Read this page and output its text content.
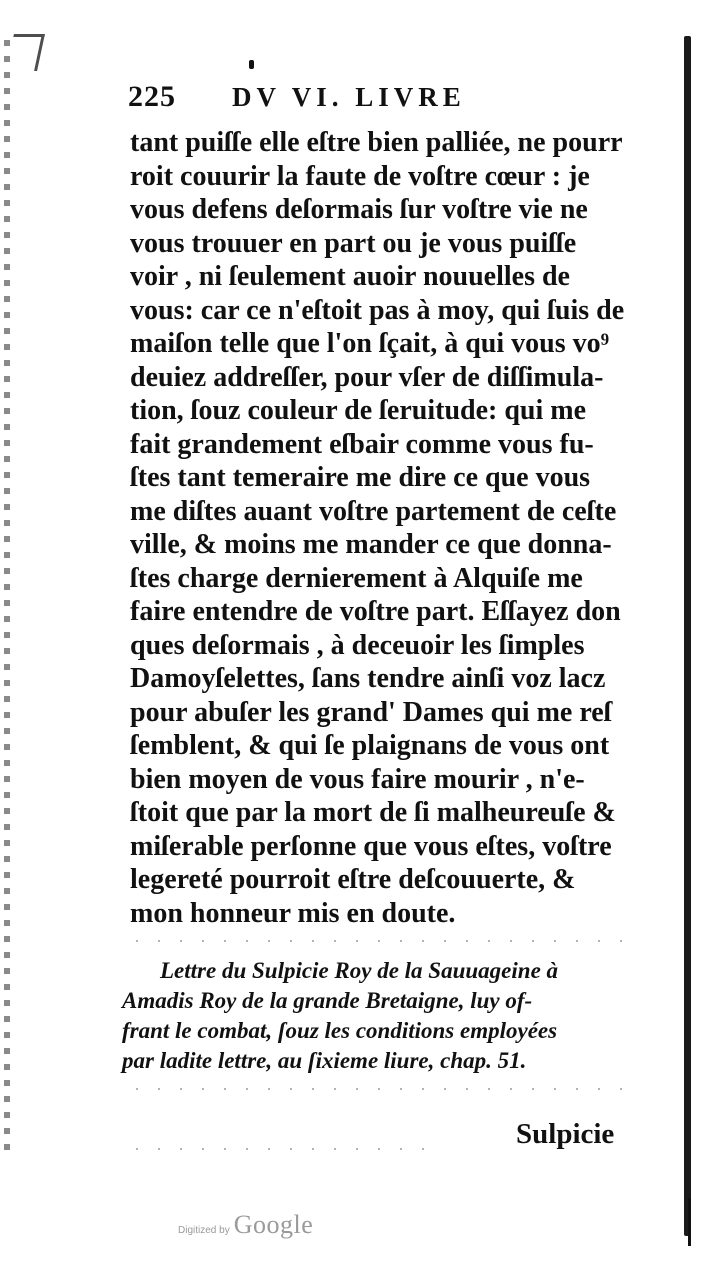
225 DV VI. LIVRE
tant puiſſe elle eſtre bien palliée, ne pourr
roit couurir la faute de voſtre cœur : je
vous defens deſormais ſur voſtre vie ne
vous trouuer en part ou je vous puiſſe
voir , ni ſeulement auoir nouuelles de
vous: car ce n'eſtoit pas à moy, qui ſuis de
maiſon telle que l'on ſçait, à qui vous vo⁹
deuiez addreſſer, pour vſer de diſſimula-
tion, ſouz couleur de ſeruitude: qui me
fait grandement eſbair comme vous fu-
ſtes tant temeraire me dire ce que vous
me diſtes auant voſtre partement de ceſte
ville, & moins me mander ce que donna-
ſtes charge dernierement à Alquiſe me
faire entendre de voſtre part. Eſſayez don
ques deſormais , à deceuoir les ſimples
Damoyſelettes, ſans tendre ainſi voz lacz
pour abuſer les grand' Dames qui me reſ
ſemblent, & qui ſe plaignans de vous ont
bien moyen de vous faire mourir , n'e-
ſtoit que par la mort de ſi malheureuſe &
miſerable perſonne que vous eſtes, voſtre
legereté pourroit eſtre deſcouuerte, &
mon honneur mis en doute.
Lettre du Sulpicie Roy de la Sauuageine à
Amadis Roy de la grande Bretaigne, luy of-
frant le combat, ſouz les conditions employées
par ladite lettre, au ſixieme liure, chap. 51.
Sulpicie
Digitized by Google
